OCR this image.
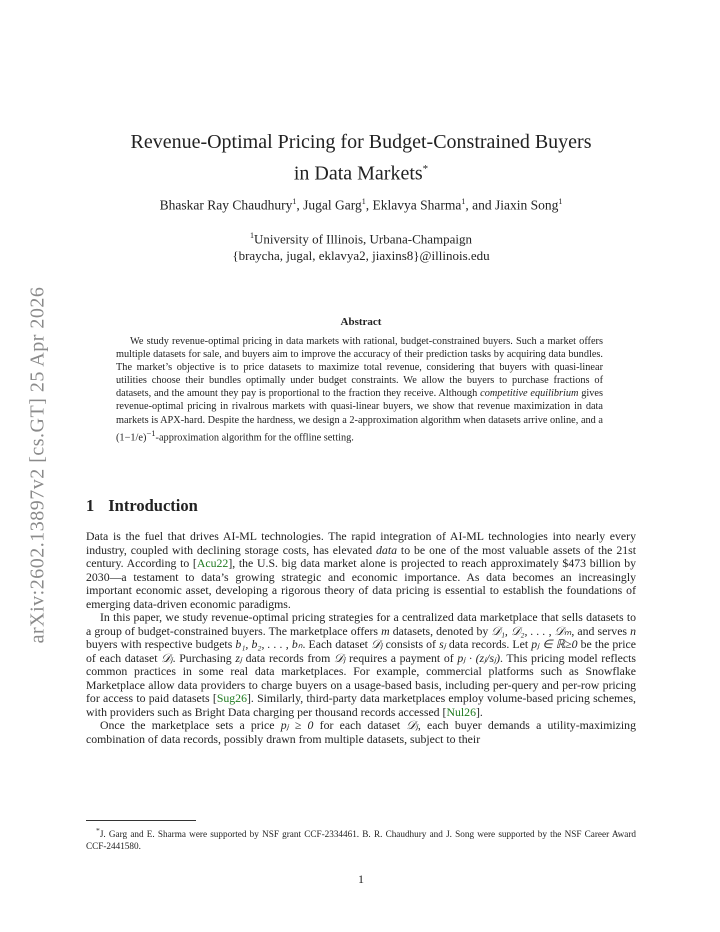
arXiv:2602.13897v2 [cs.GT] 25 Apr 2026
Revenue-Optimal Pricing for Budget-Constrained Buyers
in Data Markets*
Bhaskar Ray Chaudhury$^1$, Jugal Garg$^1$, Eklavya Sharma$^1$, and Jiaxin Song$^1$
$^1$University of Illinois, Urbana-Champaign
{braycha, jugal, eklavya2, jiaxins8}@illinois.edu
Abstract
We study revenue-optimal pricing in data markets with rational, budget-constrained buyers. Such a market offers multiple datasets for sale, and buyers aim to improve the accuracy of their prediction tasks by acquiring data bundles. The market’s objective is to price datasets to maximize total revenue, considering that buyers with quasi-linear utilities choose their bundles optimally under budget constraints. We allow the buyers to purchase fractions of datasets, and the amount they pay is proportional to the fraction they receive. Although competitive equilibrium gives revenue-optimal pricing in rivalrous markets with quasi-linear buyers, we show that revenue maximization in data markets is APX-hard. Despite the hardness, we design a 2-approximation algorithm when datasets arrive online, and a $(1-1/e)^{-1}$-approximation algorithm for the offline setting.
1 Introduction

Data is the fuel that drives AI-ML technologies. The rapid integration of AI-ML technologies into nearly every industry, coupled with declining storage costs, has elevated data to be one of the most valuable assets of the 21st century. According to [Acu22], the U.S. big data market alone is projected to reach approximately $473 billion by 2030—a testament to data’s growing strategic and economic importance. As data becomes an increasingly important economic asset, developing a rigorous theory of data pricing is essential to establish the foundations of emerging data-driven economic paradigms.

In this paper, we study revenue-optimal pricing strategies for a centralized data marketplace that sells datasets to a group of budget-constrained buyers. The marketplace offers m datasets, denoted by 𝒟₁, 𝒟₂, . . . , 𝒟ₘ, and serves n buyers with respective budgets b₁, b₂, . . . , bₙ. Each dataset 𝒟ⱼ consists of sⱼ data records. Let pⱼ ∈ ℝ≥0 be the price of each dataset 𝒟ⱼ. Purchasing zⱼ data records from 𝒟ⱼ requires a payment of pⱼ · (zⱼ/sⱼ). This pricing model reflects common practices in some real data marketplaces. For example, commercial platforms such as Snowflake Marketplace allow data providers to charge buyers on a usage-based basis, including per-query and per-row pricing for access to paid datasets [Sug26]. Similarly, third-party data marketplaces employ volume-based pricing schemes, with providers such as Bright Data charging per thousand records accessed [Nul26].

Once the marketplace sets a price pⱼ ≥ 0 for each dataset 𝒟ⱼ, each buyer demands a utility-maximizing combination of data records, possibly drawn from multiple datasets, subject to their

*J. Garg and E. Sharma were supported by NSF grant CCF-2334461. B. R. Chaudhury and J. Song were supported by the NSF Career Award CCF-2441580.
1
